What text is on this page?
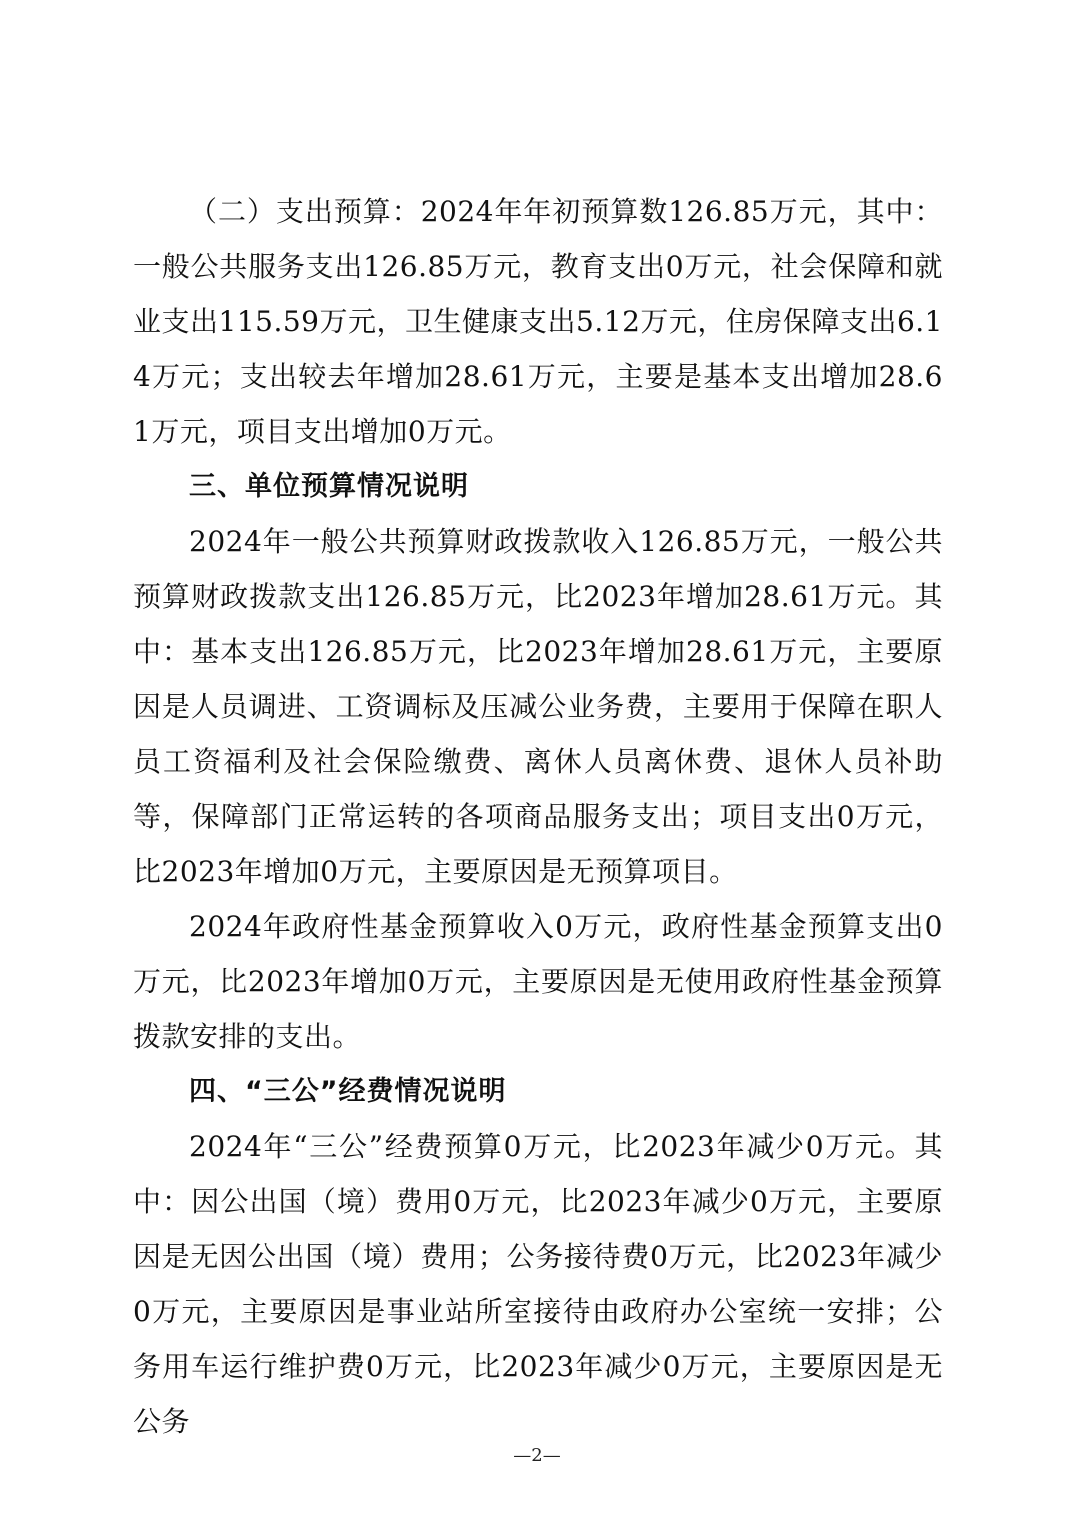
（二）支出预算：2024年年初预算数126.85万元，其中：一般公共服务支出126.85万元，教育支出0万元，社会保障和就业支出115.59万元，卫生健康支出5.12万元，住房保障支出6.14万元；支出较去年增加28.61万元，主要是基本支出增加28.61万元，项目支出增加0万元。

三、单位预算情况说明

2024年一般公共预算财政拨款收入126.85万元，一般公共预算财政拨款支出126.85万元，比2023年增加28.61万元。其中：基本支出126.85万元，比2023年增加28.61万元，主要原因是人员调进、工资调标及压减公业务费，主要用于保障在职人员工资福利及社会保险缴费、离休人员离休费、退休人员补助等，保障部门正常运转的各项商品服务支出；项目支出0万元，比2023年增加0万元，主要原因是无预算项目。

2024年政府性基金预算收入0万元，政府性基金预算支出0万元，比2023年增加0万元，主要原因是无使用政府性基金预算拨款安排的支出。

四、“三公”经费情况说明

2024年“三公”经费预算0万元，比2023年减少0万元。其中：因公出国（境）费用0万元，比2023年减少0万元，主要原因是无因公出国（境）费用；公务接待费0万元，比2023年减少0万元，主要原因是事业站所室接待由政府办公室统一安排；公务用车运行维护费0万元，比2023年减少0万元，主要原因是无公务

—2—
